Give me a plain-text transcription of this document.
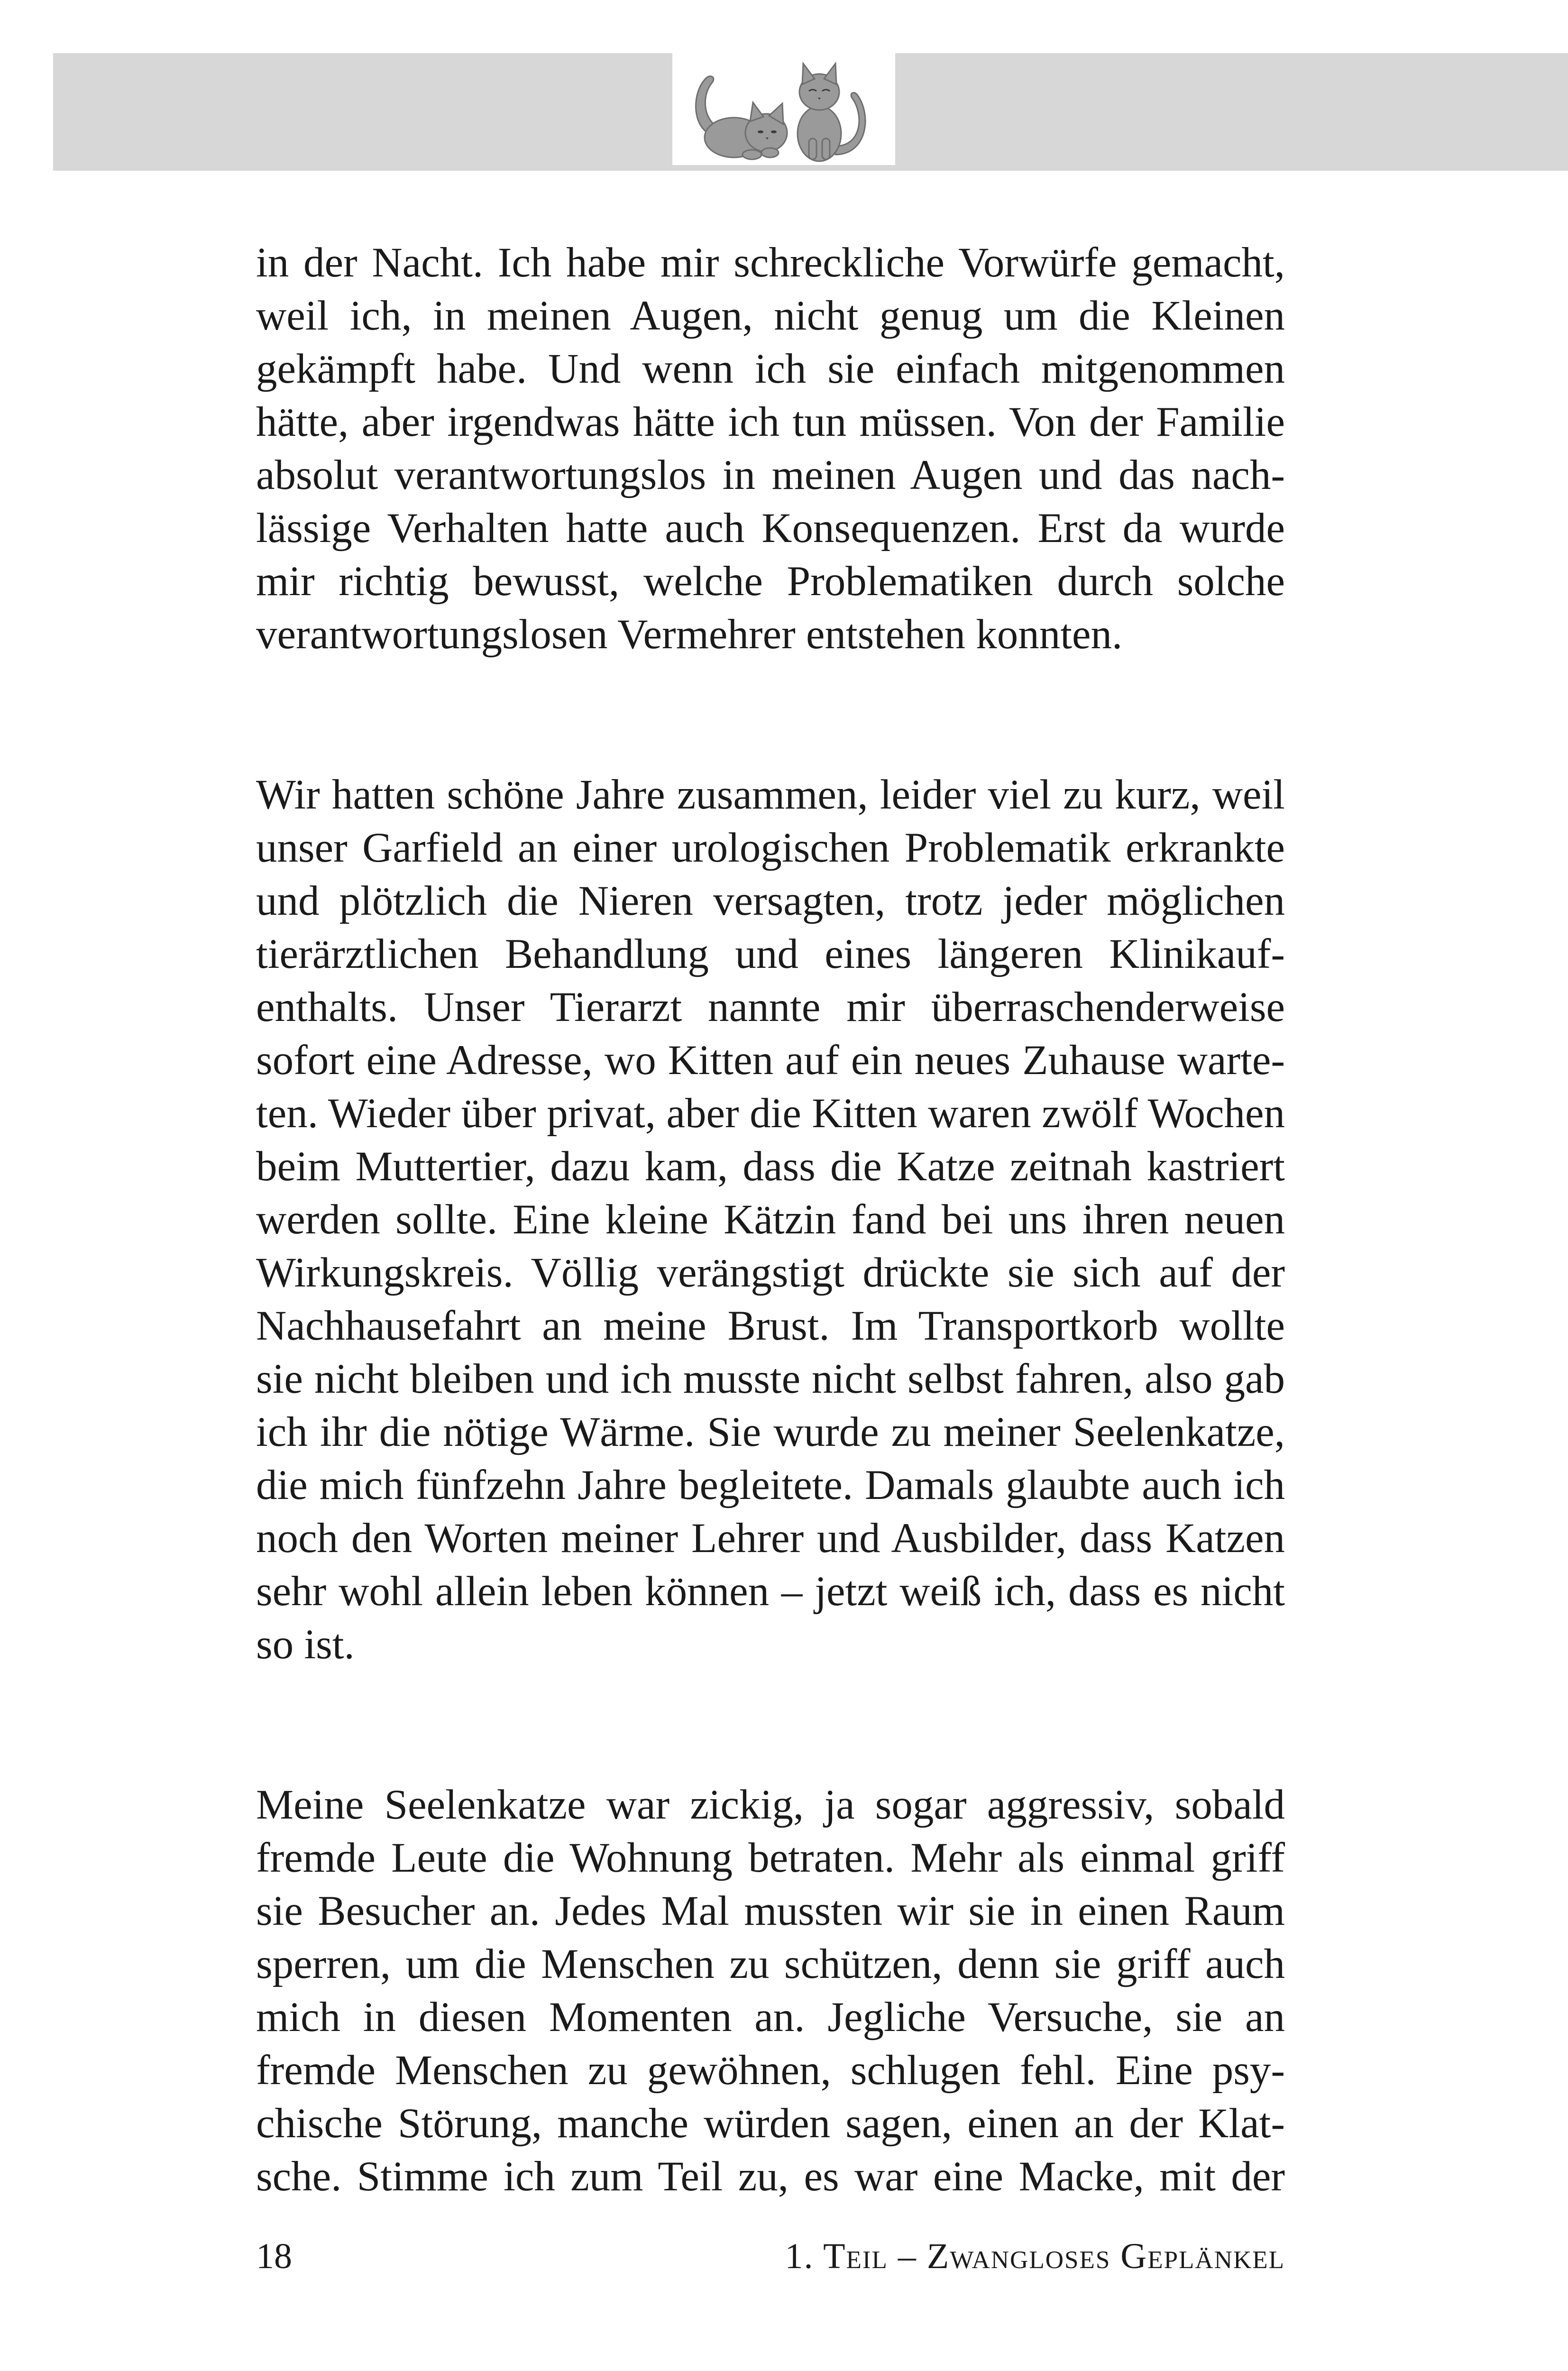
in der Nacht. Ich habe mir schreckliche Vorwürfe gemacht,
weil ich, in meinen Augen, nicht genug um die Kleinen
gekämpft habe. Und wenn ich sie einfach mitgenommen
hätte, aber irgendwas hätte ich tun müssen. Von der Familie
absolut verantwortungslos in meinen Augen und das nach-
lässige Verhalten hatte auch Konsequenzen. Erst da wurde
mir richtig bewusst, welche Problematiken durch solche
verantwortungslosen Vermehrer entstehen konnten.
Wir hatten schöne Jahre zusammen, leider viel zu kurz, weil
unser Garfield an einer urologischen Problematik erkrankte
und plötzlich die Nieren versagten, trotz jeder möglichen
tierärztlichen Behandlung und eines längeren Klinikauf-
enthalts. Unser Tierarzt nannte mir überraschenderweise
sofort eine Adresse, wo Kitten auf ein neues Zuhause warte-
ten. Wieder über privat, aber die Kitten waren zwölf Wochen
beim Muttertier, dazu kam, dass die Katze zeitnah kastriert
werden sollte. Eine kleine Kätzin fand bei uns ihren neuen
Wirkungskreis. Völlig verängstigt drückte sie sich auf der
Nachhausefahrt an meine Brust. Im Transportkorb wollte
sie nicht bleiben und ich musste nicht selbst fahren, also gab
ich ihr die nötige Wärme. Sie wurde zu meiner Seelenkatze,
die mich fünfzehn Jahre begleitete. Damals glaubte auch ich
noch den Worten meiner Lehrer und Ausbilder, dass Katzen
sehr wohl allein leben können – jetzt weiß ich, dass es nicht
so ist.
Meine Seelenkatze war zickig, ja sogar aggressiv, sobald
fremde Leute die Wohnung betraten. Mehr als einmal griff
sie Besucher an. Jedes Mal mussten wir sie in einen Raum
sperren, um die Menschen zu schützen, denn sie griff auch
mich in diesen Momenten an. Jegliche Versuche, sie an
fremde Menschen zu gewöhnen, schlugen fehl. Eine psy-
chische Störung, manche würden sagen, einen an der Klat-
sche. Stimme ich zum Teil zu, es war eine Macke, mit der
18	1. Teil – Zwangloses Geplänkel
